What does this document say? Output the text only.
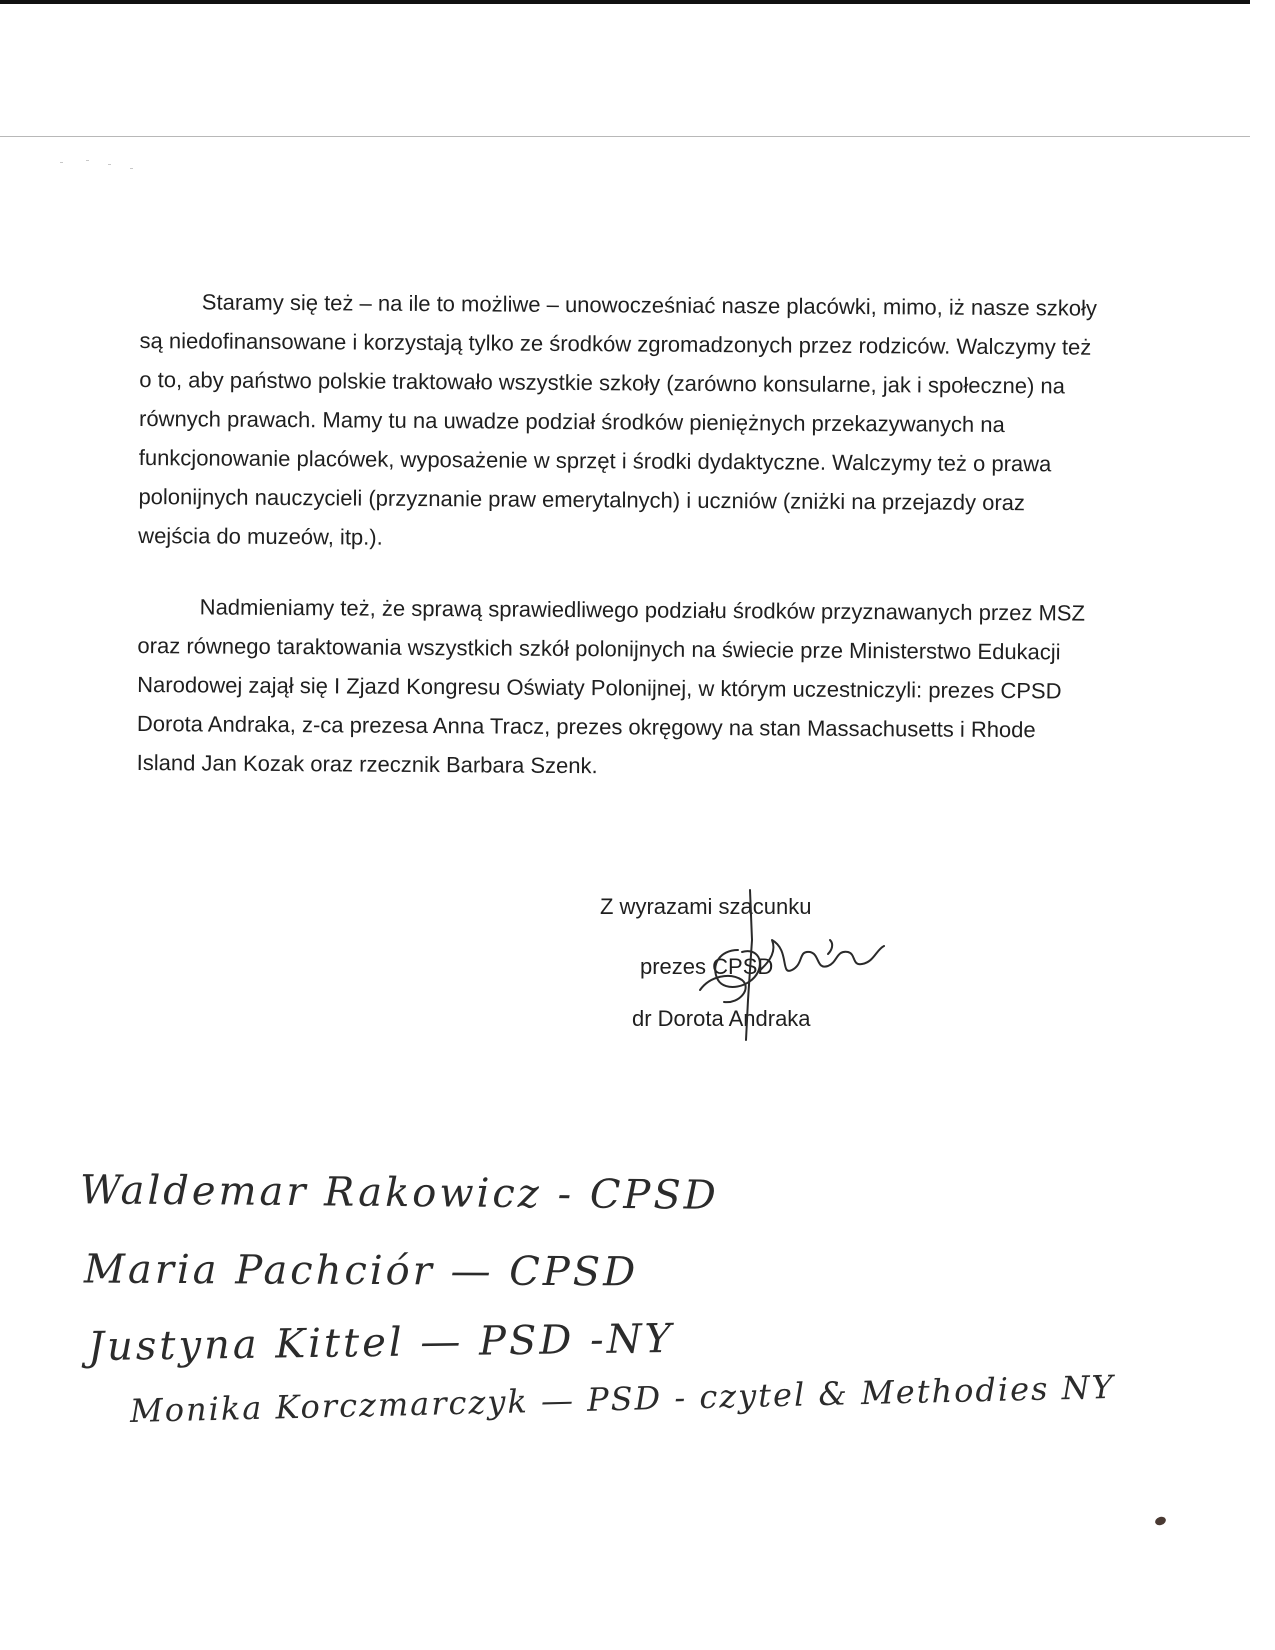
Staramy się też – na ile to możliwe – unowocześniać nasze placówki, mimo, iż nasze szkoły są niedofinansowane i korzystają tylko ze środków zgromadzonych przez rodziców. Walczymy też o to, aby państwo polskie traktowało wszystkie szkoły (zarówno konsularne, jak i społeczne) na równych prawach. Mamy tu na uwadze podział środków pieniężnych przekazywanych na funkcjonowanie placówek, wyposażenie w sprzęt i środki dydaktyczne. Walczymy też o prawa polonijnych nauczycieli (przyznanie praw emerytalnych) i uczniów (zniżki na przejazdy oraz wejścia do muzeów, itp.).

Nadmieniamy też, że sprawą sprawiedliwego podziału środków przyznawanych przez MSZ oraz równego taraktowania wszystkich szkół polonijnych na świecie prze Ministerstwo Edukacji Narodowej zajął się I Zjazd Kongresu Oświaty Polonijnej, w którym uczestniczyli: prezes CPSD Dorota Andraka, z-ca prezesa Anna Tracz, prezes okręgowy na stan Massachusetts i Rhode Island Jan Kozak oraz rzecznik Barbara Szenk.

Z wyrazami szacunku
prezes CPSD
dr Dorota Andraka
Waldemar Rakowicz - CPSD
Maria Pachciór — CPSD
Justyna Kittel — PSD -NY
Monika Korczmarczyk — PSD - czytel & Methodies NY
